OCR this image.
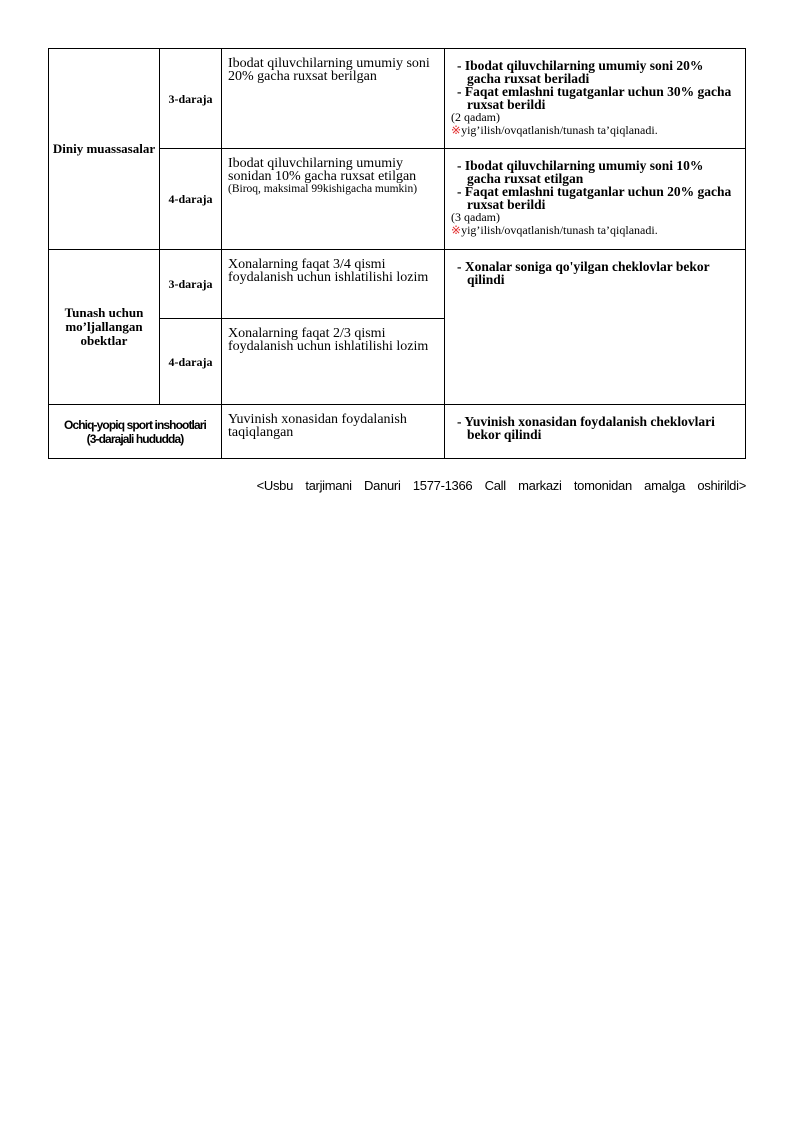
Diniy muassasalar	3-daraja	Ibodat qiluvchilarning umumiy soni 20% gacha ruxsat berilgan	- Ibodat qiluvchilarning umumiy soni 20% gacha ruxsat beriladi
- Faqat emlashni tugatganlar uchun 30% gacha ruxsat berildi
(2 qadam)
※yig’ilish/ovqatlanish/tunash ta’qiqlanadi.

	4-daraja	Ibodat qiluvchilarning umumiy sonidan 10% gacha ruxsat etilgan
(Biroq, maksimal 99kishigacha mumkin)	- Ibodat qiluvchilarning umumiy soni 10% gacha ruxsat etilgan
- Faqat emlashni tugatganlar uchun 20% gacha ruxsat berildi
(3 qadam)
※yig’ilish/ovqatlanish/tunash ta’qiqlanadi.

Tunash uchun mo’ljallangan obektlar	3-daraja	Xonalarning faqat 3/4 qismi foydalanish uchun ishlatilishi lozim	- Xonalar soniga qo'yilgan cheklovlar bekor qilindi

	4-daraja	Xonalarning faqat 2/3 qismi foydalanish uchun ishlatilishi lozim	

Ochiq-yopiq sport inshootlari
(3-darajali hududda)		Yuvinish xonasidan foydalanish taqiqlangan	- Yuvinish xonasidan foydalanish cheklovlari bekor qilindi
<Usbu tarjimani Danuri 1577-1366 Call markazi tomonidan amalga oshirildi>
